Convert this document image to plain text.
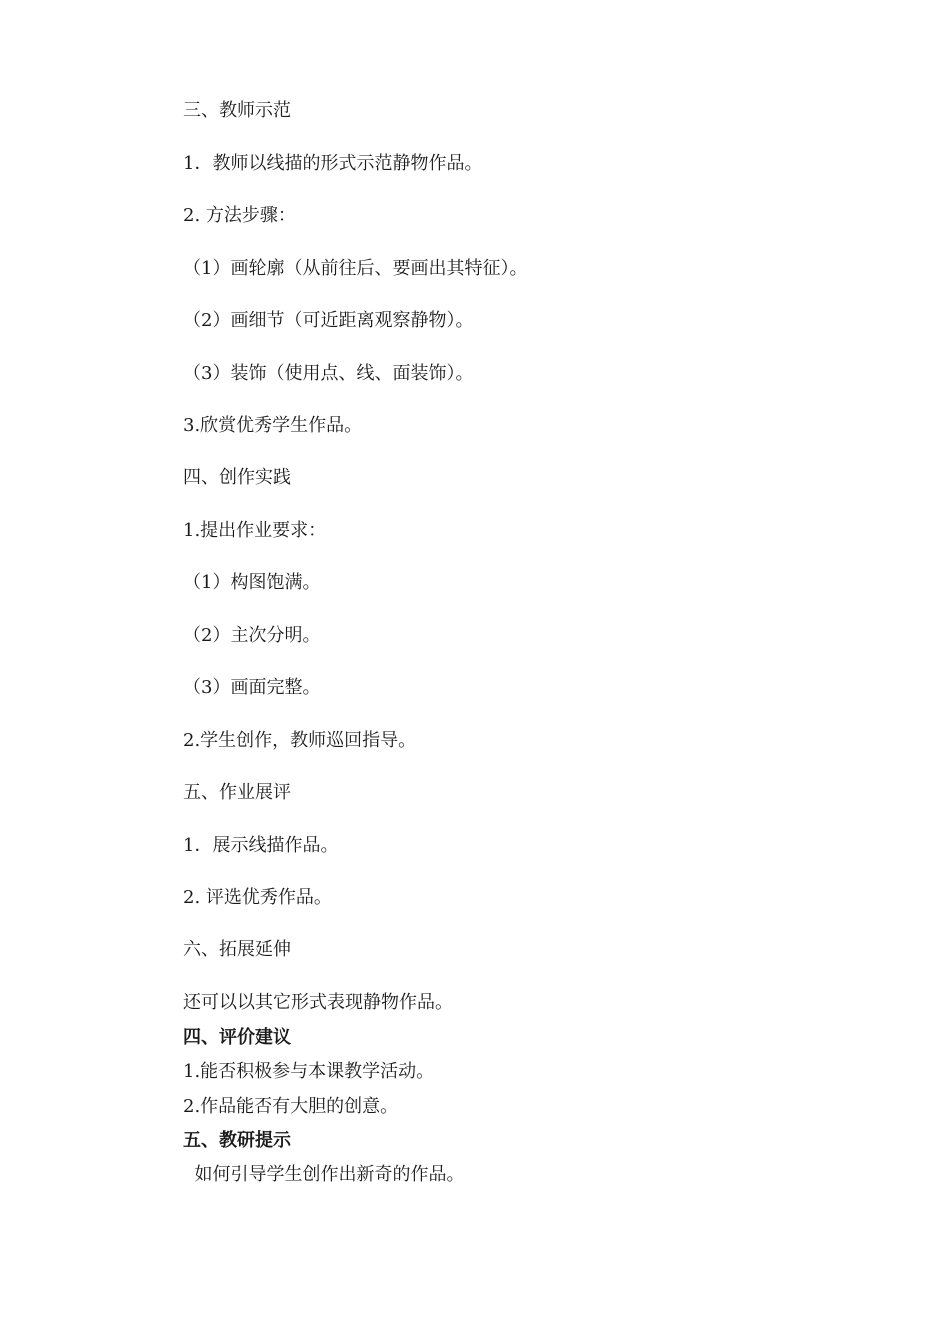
三、教师示范
1．教师以线描的形式示范静物作品。
2. 方法步骤：
（1）画轮廓（从前往后、要画出其特征）。
（2）画细节（可近距离观察静物）。
（3）装饰（使用点、线、面装饰）。
3.欣赏优秀学生作品。
四、创作实践
1.提出作业要求：
（1）构图饱满。
（2）主次分明。
（3）画面完整。
2.学生创作，教师巡回指导。
五、作业展评
1．展示线描作品。
2. 评选优秀作品。
六、拓展延伸
还可以以其它形式表现静物作品。
四、评价建议
1.能否积极参与本课教学活动。
2.作品能否有大胆的创意。
五、教研提示
如何引导学生创作出新奇的作品。
